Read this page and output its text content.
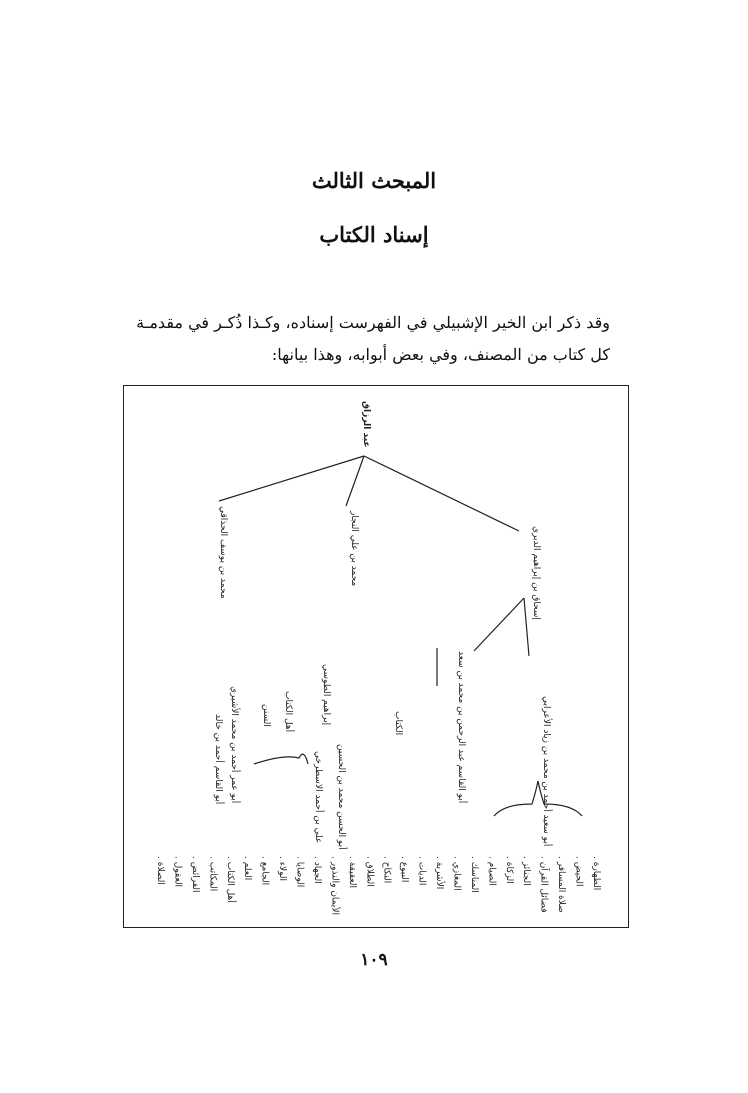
المبحث الثالث
إسناد الكتاب
وقد ذكر ابن الخير الإشبيلي في الفهرست إسناده، وكـذا ذُكـر في مقدمـة
كل كتاب من المصنف، وفي بعض أبوابه، وهذا بيانها:
عبد الرزاق
إسحاق بن إبراهيم الدبري
محمد بن علي النجار
محمد بن يوسف الحذاقي
أبو سعيد أحمد بن محمد بن زياد الأعرابي
أبو القاسم عبد الرحمن بن محمد بن سعد
الكتاب
إبراهيم الطوسي
أبو الحسن محمد بن الحسين
علي بن أحمد الاسطرخي
أهل الكتاب
السنن
أبو عمر أحمد بن محمد الأشيري
أبو القاسم أحمد بن خالد
. الطهارة
. الحيض
. صلاة المسافر
. فضائل القرآن
. الجنائز
. الزكاة
. الصيام
. المناسك
. المغازي
. الأشربة
. الديات
. البيوع
. النكاح
. الطلاق
. العقيقة
. الأيمان والنذور
. الجهاد
. الوصايا
. الولاء
. الجامع
. العلم
. أهل الكتاب
. المكاتب
. الفرائض
. العقول
. الصلاة
١٠٩
